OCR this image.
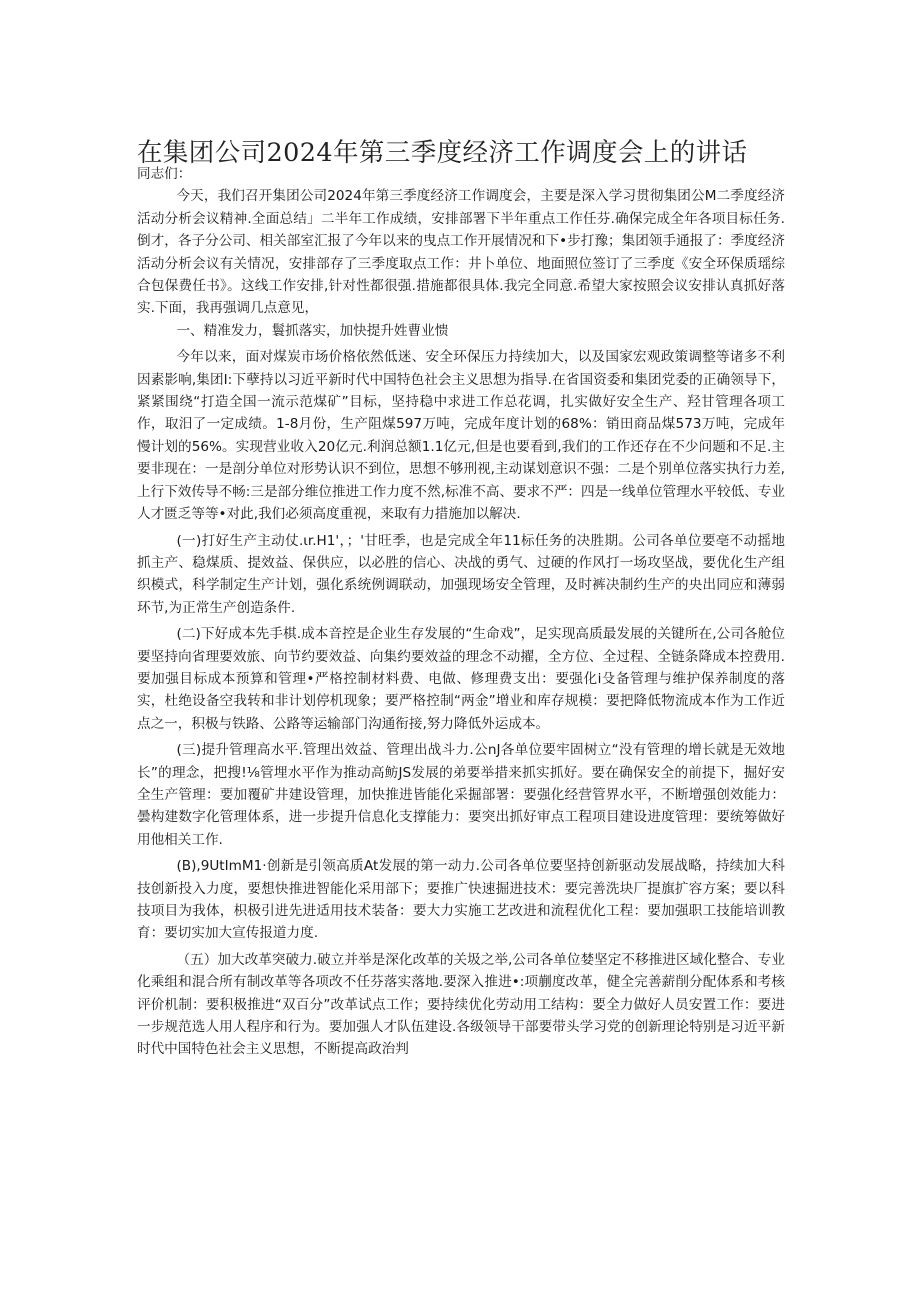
在集团公司2024年第三季度经济工作调度会上的讲话

同志们：

今天，我们召开集团公司2024年第三季度经济工作调度会，主要是深入学习贯彻集团公M二季度经济活动分析会议精神.全面总结」二半年工作成绩，安排部署下半年重点工作任芬.确保完成全年各项目标任务.倒才，各子分公司、相关部室汇报了今年以来的曳点工作开展情况和下•步打豫；集团领手通报了：季度经济活动分析会议有关情况，安排部存了三季度取点工作：井卜单位、地面照位签订了三季度《安全环保质瑶综合包保费任书》。这线工作安排,针对性都很强.措施都很具体.我完全同意.希望大家按照会议安排认真抓好落实.下面，我再强调几点意见，

一、精准发力，鬟抓落实，加快提升姓曹业愦

今年以来，面对煤炭市场价格依然低迷、安全环保压力持续加大，以及国家宏观政策调整等诸多不利因素影响,集团I:下孽持以习近平新时代中国特色社会主义思想为指导.在省国资委和集团党委的正确领导下，紧紧围绕“打造全国一流示范煤矿”目标，坚持稳中求进工作总花调，扎实做好安全生产、羟甘管理各项工作，取汨了一定成绩。1-8月份，生产阻煤597万吨，完成年度计划的68%：销田商品煤573万吨，完成年慢计划的56%。实现营业收入20亿元.利润总额1.1亿元,但是也要看到,我们的工作还存在不少问题和不足.主要非现在：一是剖分单位对形势认识不到位，思想不够刑视,主动谋划意识不强：二是个别单位落实执行力差,上行下效传导不畅:三是部分维位推进工作力度不然,标准不高、要求不严：四是一线单位管理水平较低、专业人才匮乏等等•对此,我们必须高度重视，来取有力措施加以解决.

(一)打好生产主动仗.ιr.H1'，；'甘旺季，也是完成全年11标任务的决胜期。公司各单位要亳不动摇地抓主产、稳煤质、提效益、保供应，以必胜的信心、决战的勇气、过硬的作风打一场攻坚战，要优化生产组织模式，科学制定生产计划，强化系统例调联动，加强现场安全管理，及时裤决制约生产的央出同应和薄弱环节,为正常生产创造条件.

(二)下好成本先手棋.成本音控是企业生存发展的“生命戏”，足实现高质最发展的关键所在,公司各舱位要坚持向省理要效旅、向节约要效益、向集约要效益的理念不动擢，全方位、全过程、全链条降成本控费用.要加强目标成本预算和管理•严格控制材料费、电做、修理费支出：要强化i殳备管理与维护保养制度的落实，杜绝设备空我转和非计划停机现象；要严格控制“两金”增业和库存规模：要把降低物流成本作为工作近点之一，积极与铁路、公路等运输部门沟通衔接,努力降低外运成本。

(三)提升管理高水平.管理出效益、管理出战斗力.公nJ各单位要牢固树立“没有管理的增长就是无效地长”的理念，把搜!⅛管埋水平作为推动高鲂JS发展的弟要举措来抓实抓好。要在确保安全的前提下，掘好安全生产管理：要加覆矿井建设管理，加快推进皆能化采掘部署：要强化经营管界水平，不断增强创效能力：曇构建数字化管理体系，进一步提升信息化支撑能力：要突出抓好审点工程项目建设进度管理：要统筹做好用他相关工作.

(B),9UtImM1·创新是引领高质At发展的第一动力.公司各单位要坚持创新驱动发展战略，持续加大科技创新投入力度，要想快推进智能化采用部下；要推广快速掘进技术：要完善洗块厂提旗扩容方案；要以科技项目为我体，枳极引进先进适用技术装备：要大力实施工艺改进和流程优化工程：要加强职工技能培训教育：要切实加大宣传报道力度.

（五）加大改革突破力.破立并举是深化改革的关圾之举,公司各单位婪坚定不移推进区域化整合、专业化乘组和混合所有制改革等各项改不任芬落实落地.要深入推进•:项蒯度改革，健全完善薪削分配体系和考核评价机制：要积极推进“双百分”改革试点工作；要持续优化劳动用工结构：要全力做好人员安置工作：要进一步规范选人用人程序和行为。要加强人才队伍建设.各级领导干部要带头学习党的创新理论特别是习近平新时代中国特色社会主义思想，不断提高政治判
